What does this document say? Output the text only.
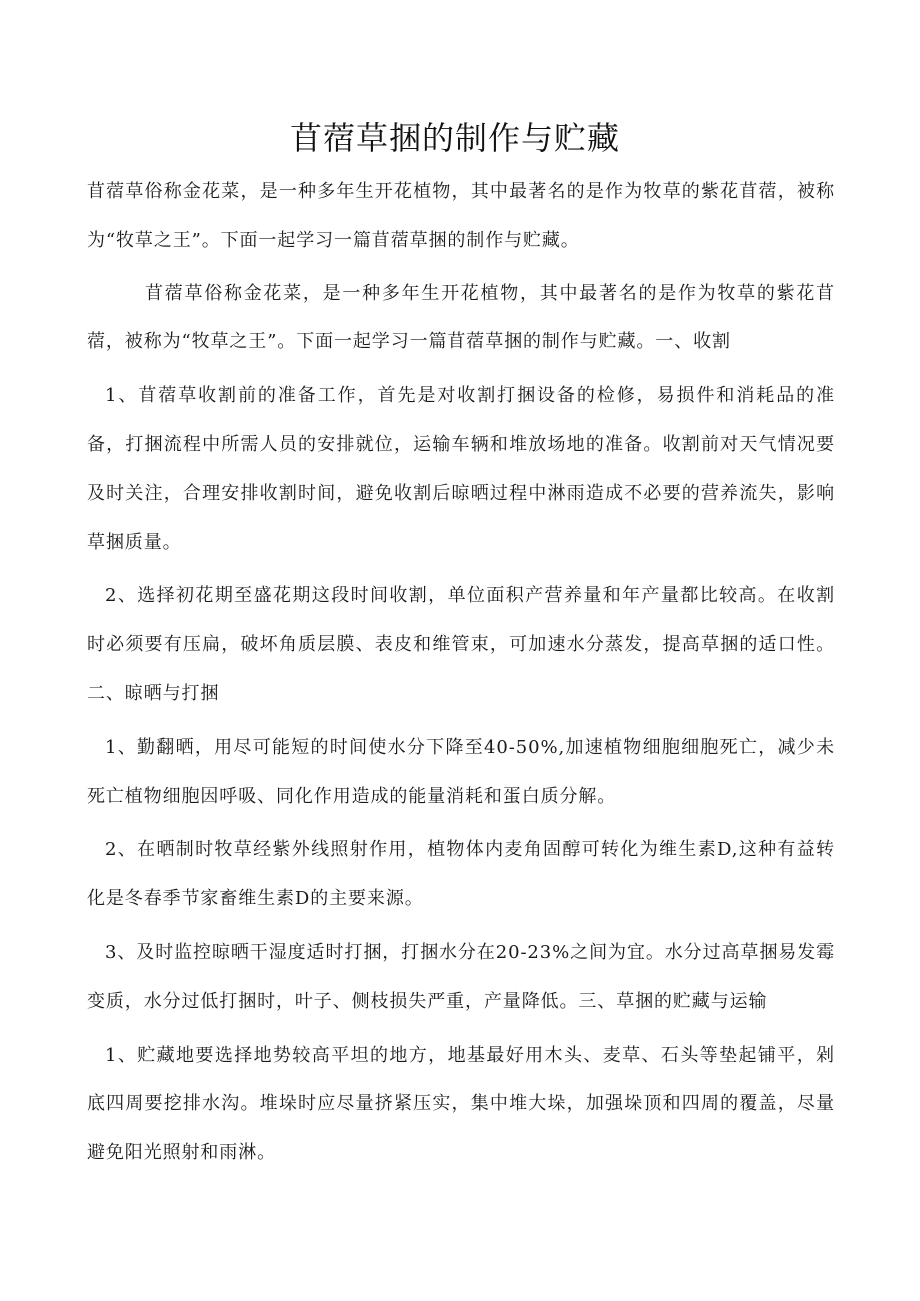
苜蓿草捆的制作与贮藏

苜蓿草俗称金花菜，是一种多年生开花植物，其中最著名的是作为牧草的紫花苜蓿，被称为“牧草之王”。下面一起学习一篇苜蓿草捆的制作与贮藏。

苜蓿草俗称金花菜，是一种多年生开花植物，其中最著名的是作为牧草的紫花苜蓿，被称为“牧草之王”。下面一起学习一篇苜蓿草捆的制作与贮藏。一、收割

1、苜蓿草收割前的准备工作，首先是对收割打捆设备的检修，易损件和消耗品的准备，打捆流程中所需人员的安排就位，运输车辆和堆放场地的准备。收割前对天气情况要及时关注，合理安排收割时间，避免收割后晾晒过程中淋雨造成不必要的营养流失，影响草捆质量。

2、选择初花期至盛花期这段时间收割，单位面积产营养量和年产量都比较高。在收割时必须要有压扁，破坏角质层膜、表皮和维管束，可加速水分蒸发，提高草捆的适口性。二、晾晒与打捆

1、勤翻晒，用尽可能短的时间使水分下降至40-50%,加速植物细胞细胞死亡，减少未死亡植物细胞因呼吸、同化作用造成的能量消耗和蛋白质分解。

2、在晒制时牧草经紫外线照射作用，植物体内麦角固醇可转化为维生素D,这种有益转化是冬春季节家畜维生素D的主要来源。

3、及时监控晾晒干湿度适时打捆，打捆水分在20-23%之间为宜。水分过高草捆易发霉变质，水分过低打捆时，叶子、侧枝损失严重，产量降低。三、草捆的贮藏与运输

1、贮藏地要选择地势较高平坦的地方，地基最好用木头、麦草、石头等垫起铺平，剁底四周要挖排水沟。堆垛时应尽量挤紧压实，集中堆大垛，加强垛顶和四周的覆盖，尽量避免阳光照射和雨淋。
